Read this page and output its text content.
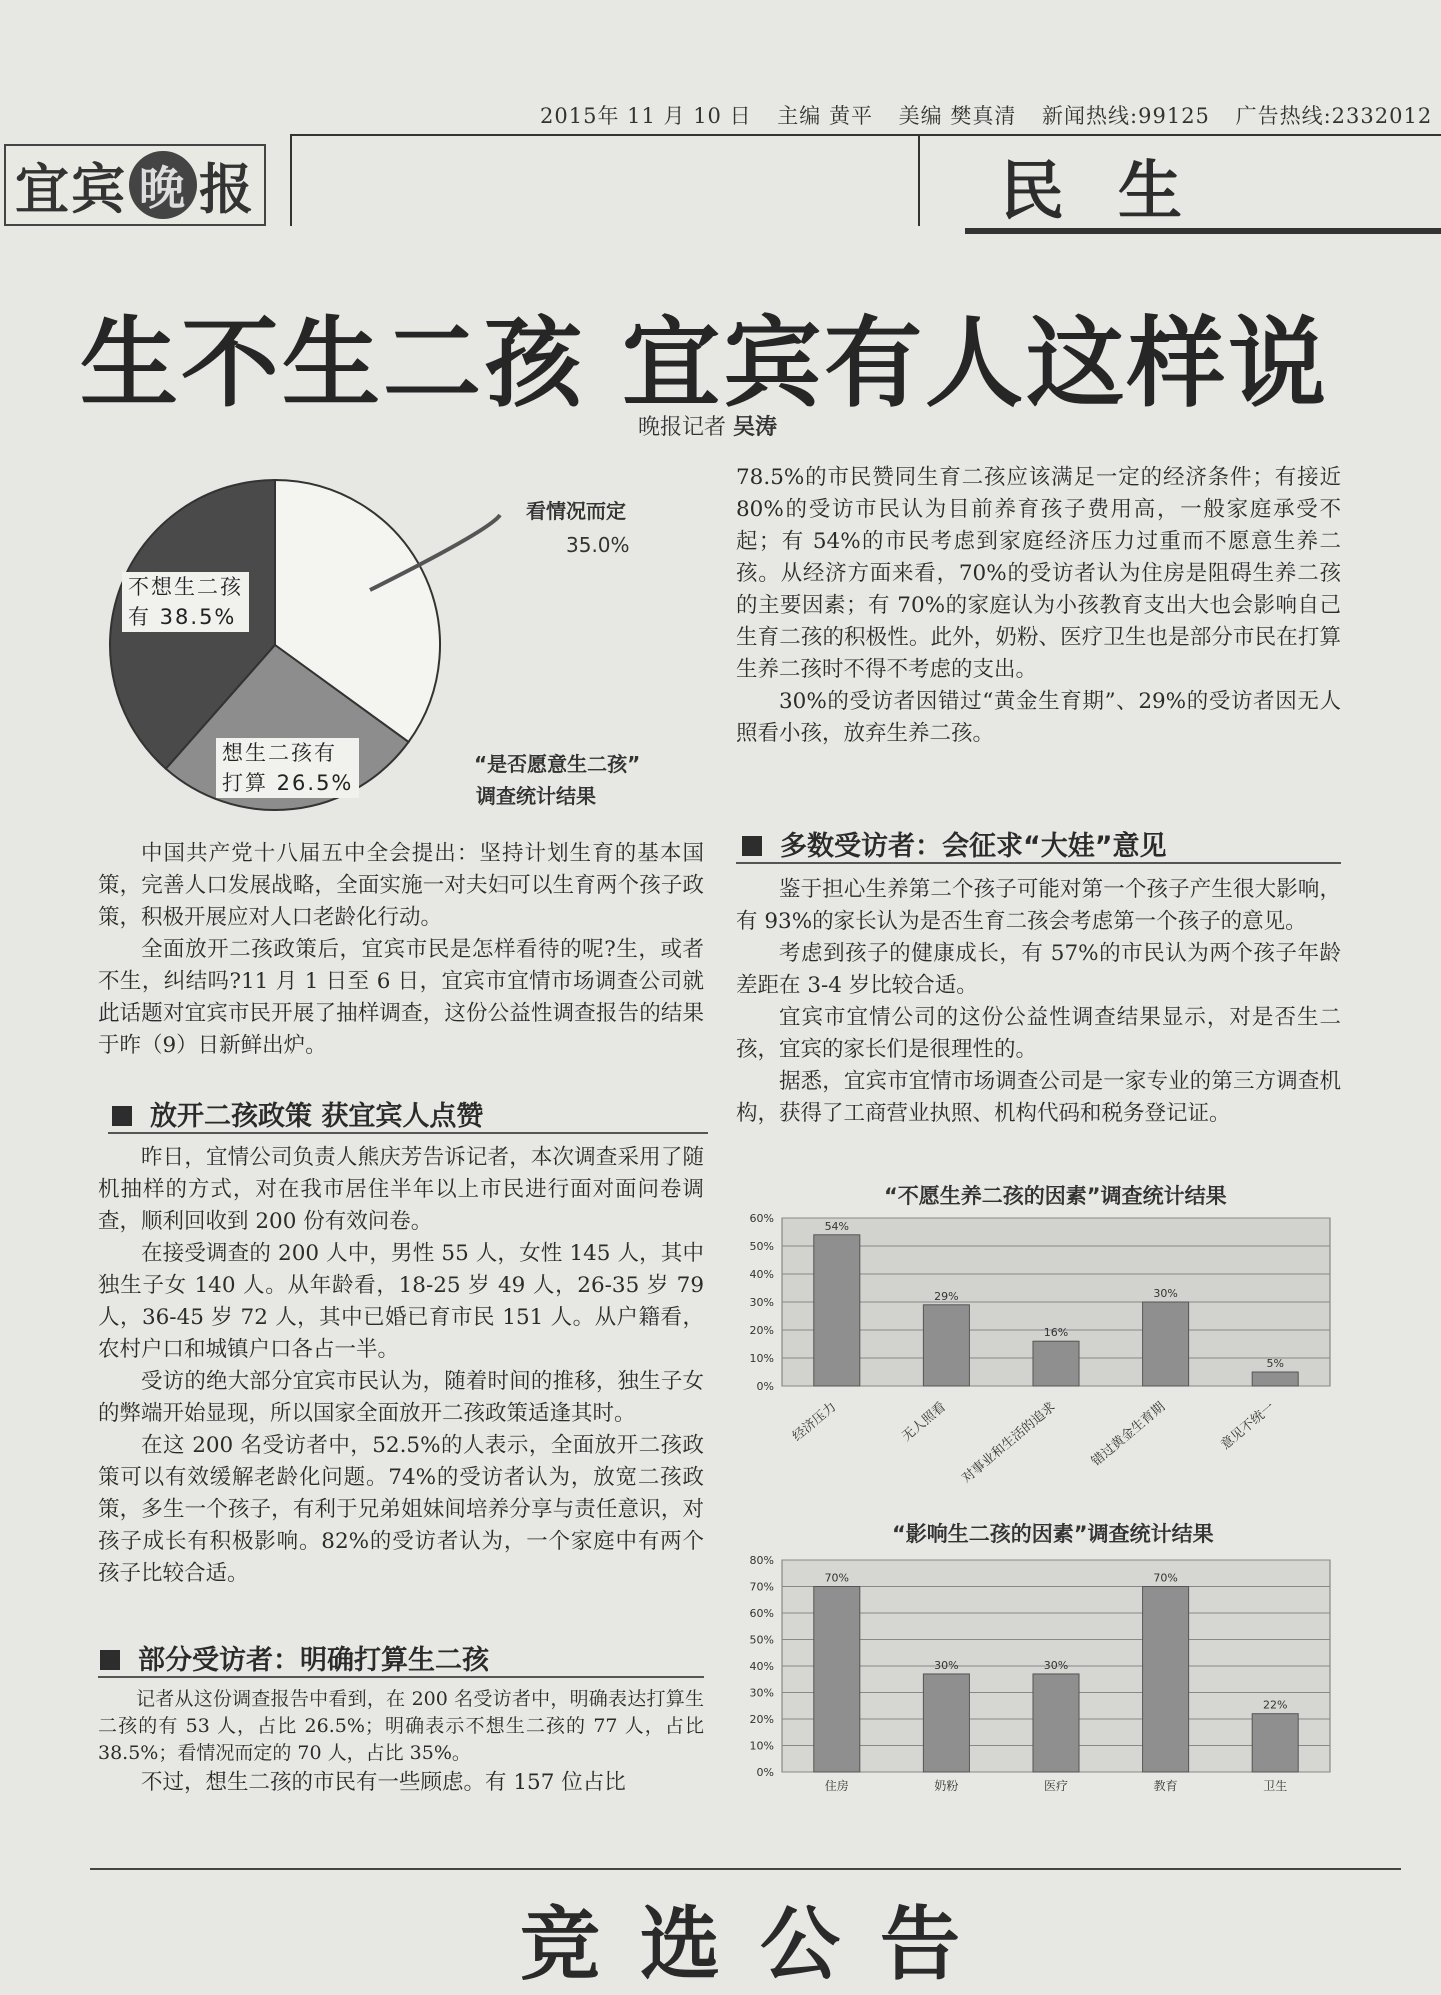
2015年 11 月 10 日 主编 黄平 美编 樊真清 新闻热线:99125 广告热线:2332012
宜宾 晚 报	民生
生不生二孩 宜宾有人这样说
晚报记者 吴涛
不想生二孩
有 38.5%
想生二孩有
打算 26.5%
看情况而定
35.0%
“是否愿意生二孩”
调查统计结果

中国共产党十八届五中全会提出：坚持计划生育的基本国策，完善人口发展战略，全面实施一对夫妇可以生育两个孩子政策，积极开展应对人口老龄化行动。

全面放开二孩政策后，宜宾市民是怎样看待的呢?生，或者不生，纠结吗?11 月 1 日至 6 日，宜宾市宜情市场调查公司就此话题对宜宾市民开展了抽样调查，这份公益性调查报告的结果于昨（9）日新鲜出炉。

放开二孩政策 获宜宾人点赞

昨日，宜情公司负责人熊庆芳告诉记者，本次调查采用了随机抽样的方式，对在我市居住半年以上市民进行面对面问卷调查，顺利回收到 200 份有效问卷。

在接受调查的 200 人中，男性 55 人，女性 145 人，其中独生子女 140 人。从年龄看，18-25 岁 49 人，26-35 岁 79 人，36-45 岁 72 人，其中已婚已育市民 151 人。从户籍看，农村户口和城镇户口各占一半。

受访的绝大部分宜宾市民认为，随着时间的推移，独生子女的弊端开始显现，所以国家全面放开二孩政策适逢其时。

在这 200 名受访者中，52.5%的人表示，全面放开二孩政策可以有效缓解老龄化问题。74%的受访者认为，放宽二孩政策，多生一个孩子，有利于兄弟姐妹间培养分享与责任意识，对孩子成长有积极影响。82%的受访者认为，一个家庭中有两个孩子比较合适。

部分受访者：明确打算生二孩

记者从这份调查报告中看到，在 200 名受访者中，明确表达打算生二孩的有 53 人，占比 26.5%；明确表示不想生二孩的 77 人，占比 38.5%；看情况而定的 70 人，占比 35%。

不过，想生二孩的市民有一些顾虑。有 157 位占比

78.5%的市民赞同生育二孩应该满足一定的经济条件；有接近 80%的受访市民认为目前养育孩子费用高，一般家庭承受不起；有 54%的市民考虑到家庭经济压力过重而不愿意生养二孩。从经济方面来看，70%的受访者认为住房是阻碍生养二孩的主要因素；有 70%的家庭认为小孩教育支出大也会影响自己生育二孩的积极性。此外，奶粉、医疗卫生也是部分市民在打算生养二孩时不得不考虑的支出。

30%的受访者因错过“黄金生育期”、29%的受访者因无人照看小孩，放弃生养二孩。

多数受访者：会征求“大娃”意见

鉴于担心生养第二个孩子可能对第一个孩子产生很大影响，有 93%的家长认为是否生育二孩会考虑第一个孩子的意见。

考虑到孩子的健康成长，有 57%的市民认为两个孩子年龄差距在 3-4 岁比较合适。

宜宾市宜情公司的这份公益性调查结果显示，对是否生二孩，宜宾的家长们是很理性的。

据悉，宜宾市宜情市场调查公司是一家专业的第三方调查机构，获得了工商营业执照、机构代码和税务登记证。

“不愿生养二孩的因素”调查统计结果
0%
10%
20%
30%
40%
50%
60%
54%
经济压力
29%
无人照看
16%
对事业和生活的追求
30%
错过黄金生育期
5%
意见不统一
“影响生二孩的因素”调查统计结果
0%
10%
20%
30%
40%
50%
60%
70%
80%
70%
住房
30%
奶粉
30%
医疗
70%
教育
22%
卫生
竞选公告
